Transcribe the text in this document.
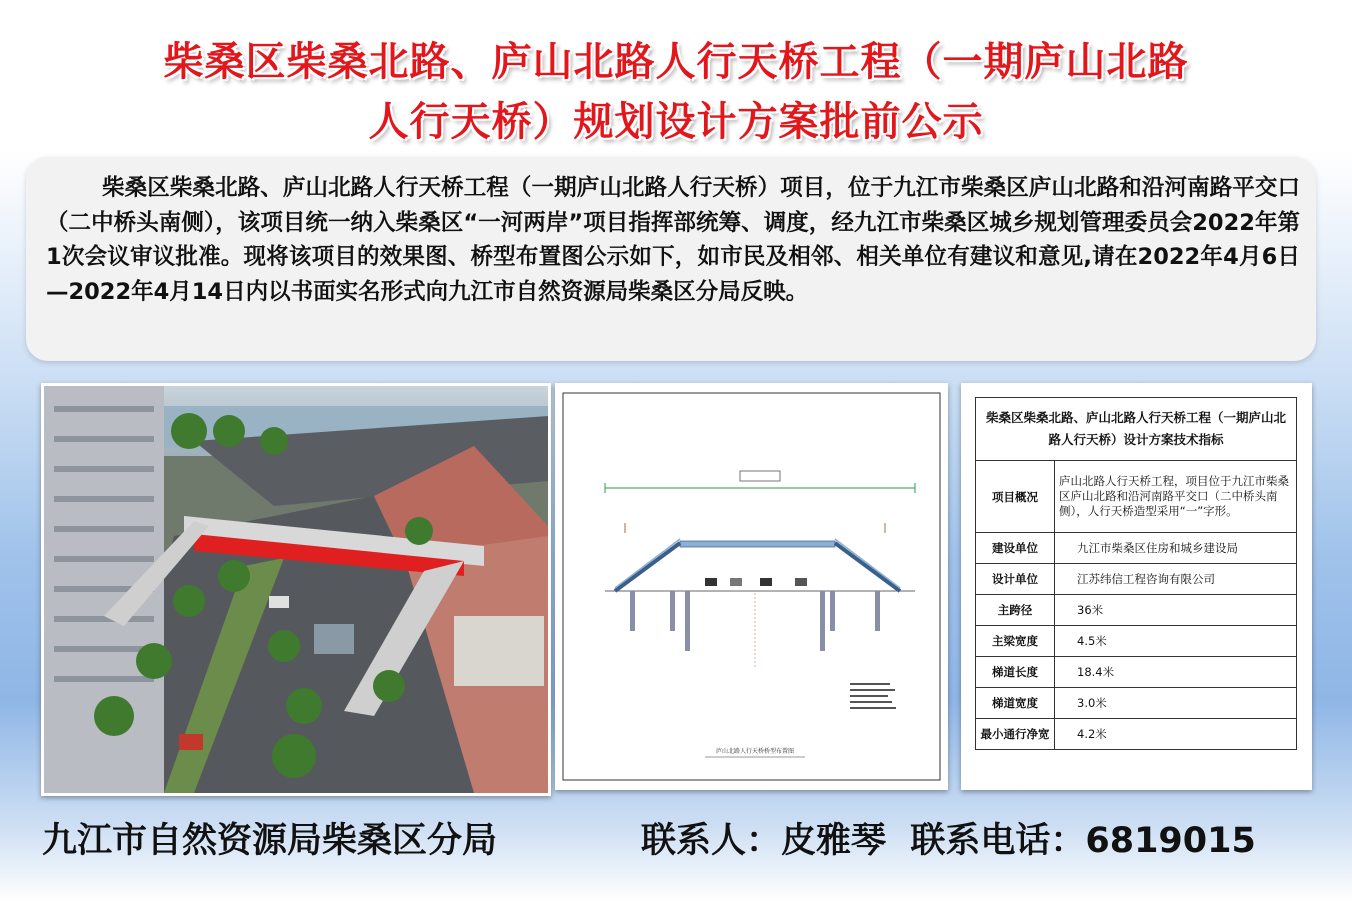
柴桑区柴桑北路、庐山北路人行天桥工程（一期庐山北路
人行天桥）规划设计方案批前公示

柴桑区柴桑北路、庐山北路人行天桥工程（一期庐山北路人行天桥）项目，位于九江市柴桑区庐山北路和沿河南路平交口（二中桥头南侧），该项目统一纳入柴桑区“一河两岸”项目指挥部统筹、调度，经九江市柴桑区城乡规划管理委员会2022年第1次会议审议批准。现将该项目的效果图、桥型布置图公示如下，如市民及相邻、相关单位有建议和意见,请在2022年4月6日—2022年4月14日内以书面实名形式向九江市自然资源局柴桑区分局反映。

庐山北路人行天桥桥型布置图
柴桑区柴桑北路、庐山北路人行天桥工程（一期庐山北路人行天桥）设计方案技术指标	
项目概况	庐山北路人行天桥工程，项目位于九江市柴桑区庐山北路和沿河南路平交口（二中桥头南侧），人行天桥造型采用“一”字形。
建设单位	九江市柴桑区住房和城乡建设局
设计单位	江苏纬信工程咨询有限公司
主跨径	36米
主梁宽度	4.5米
梯道长度	18.4米
梯道宽度	3.0米
最小通行净宽	4.2米
九江市自然资源局柴桑区分局	联系人：皮雅琴  联系电话：6819015
